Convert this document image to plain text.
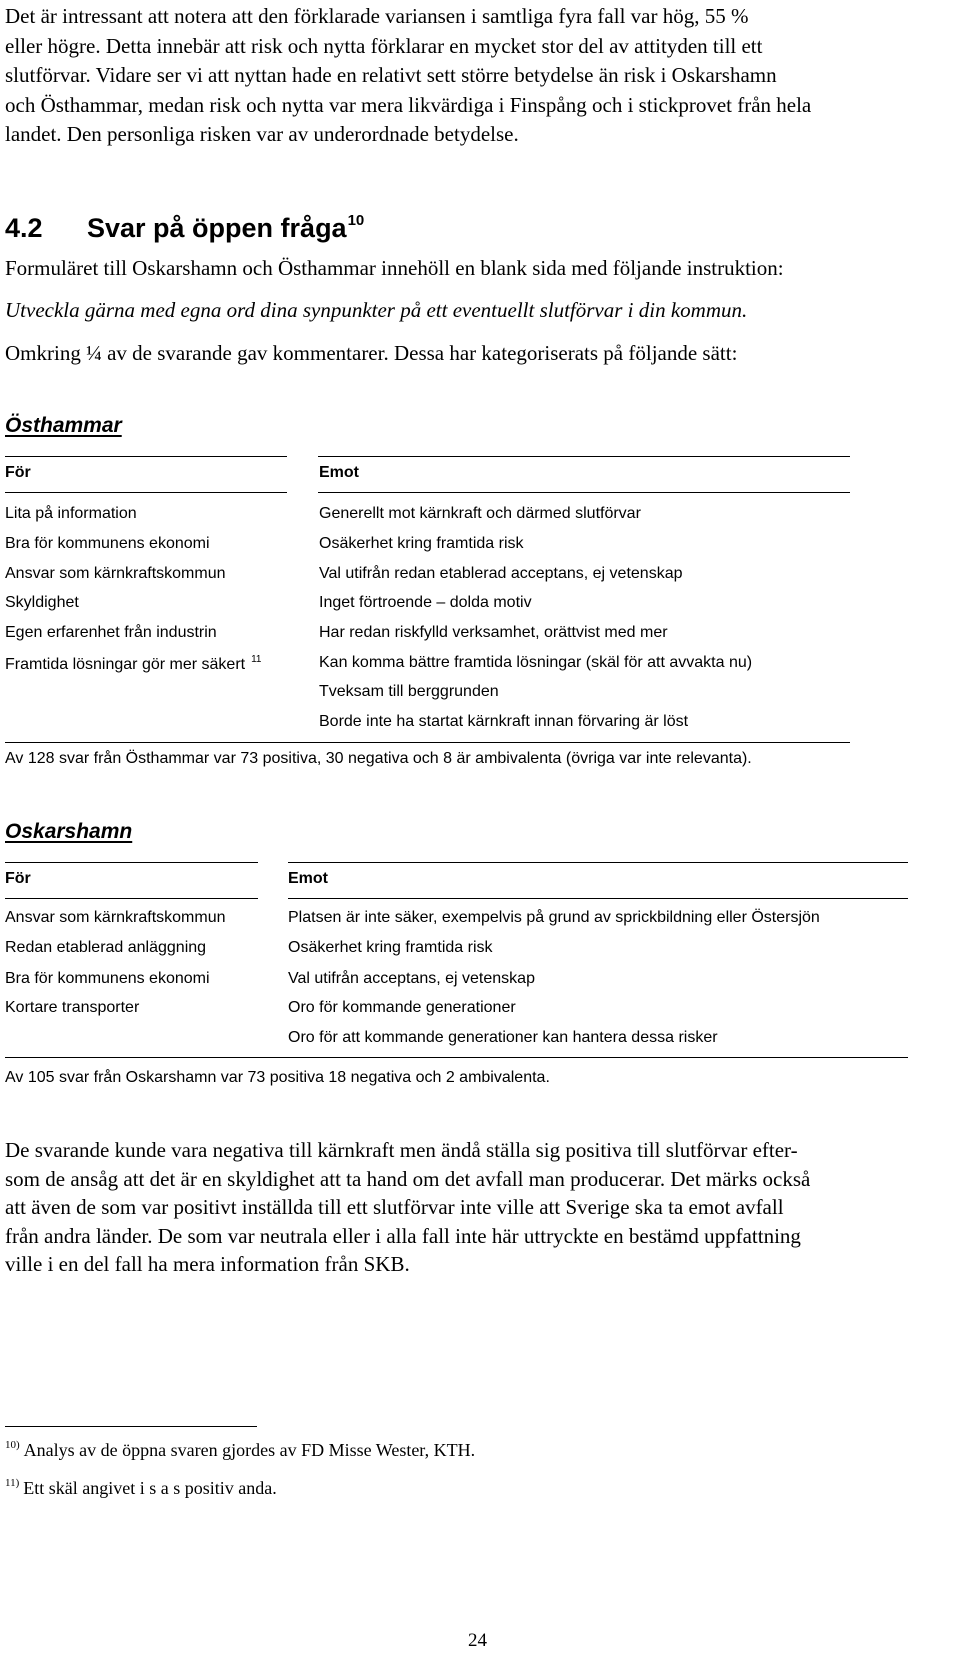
Det är intressant att notera att den förklarade variansen i samtliga fyra fall var hög, 55 %
eller högre. Detta innebär att risk och nytta förklarar en mycket stor del av attityden till ett
slutförvar. Vidare ser vi att nyttan hade en relativt sett större betydelse än risk i Oskarshamn
och Östhammar, medan risk och nytta var mera likvärdiga i Finspång och i stickprovet från hela
landet. Den personliga risken var av underordnade betydelse.
4.2 Svar på öppen fråga$^{10}$
Formuläret till Oskarshamn och Östhammar innehöll en blank sida med följande instruktion:
Utveckla gärna med egna ord dina synpunkter på ett eventuellt slutförvar i din kommun.
Omkring ¼ av de svarande gav kommentarer. Dessa har kategoriserats på följande sätt:
Östhammar
För	Emot
Lita på information
Bra för kommunens ekonomi
Ansvar som kärnkraftskommun
Skyldighet
Egen erfarenhet från industrin
Framtida lösningar gör mer säkert $^{11}$
Generellt mot kärnkraft och därmed slutförvar
Osäkerhet kring framtida risk
Val utifrån redan etablerad acceptans, ej vetenskap
Inget förtroende – dolda motiv
Har redan riskfylld verksamhet, orättvist med mer
Kan komma bättre framtida lösningar (skäl för att avvakta nu)
Tveksam till berggrunden
Borde inte ha startat kärnkraft innan förvaring är löst
Av 128 svar från Östhammar var 73 positiva, 30 negativa och 8 är ambivalenta (övriga var inte relevanta).
Oskarshamn
För	Emot
Ansvar som kärnkraftskommun
Redan etablerad anläggning
Bra för kommunens ekonomi
Kortare transporter
Platsen är inte säker, exempelvis på grund av sprickbildning eller Östersjön
Osäkerhet kring framtida risk
Val utifrån acceptans, ej vetenskap
Oro för kommande generationer
Oro för att kommande generationer kan hantera dessa risker
Av 105 svar från Oskarshamn var 73 positiva 18 negativa och 2 ambivalenta.
De svarande kunde vara negativa till kärnkraft men ändå ställa sig positiva till slutförvar efter-
som de ansåg att det är en skyldighet att ta hand om det avfall man producerar. Det märks också
att även de som var positivt inställda till ett slutförvar inte ville att Sverige ska ta emot avfall
från andra länder. De som var neutrala eller i alla fall inte här uttryckte en bestämd uppfattning
ville i en del fall ha mera information från SKB.
$^{10)}$ Analys av de öppna svaren gjordes av FD Misse Wester, KTH.
$^{11)}$ Ett skäl angivet i s a s positiv anda.
24
